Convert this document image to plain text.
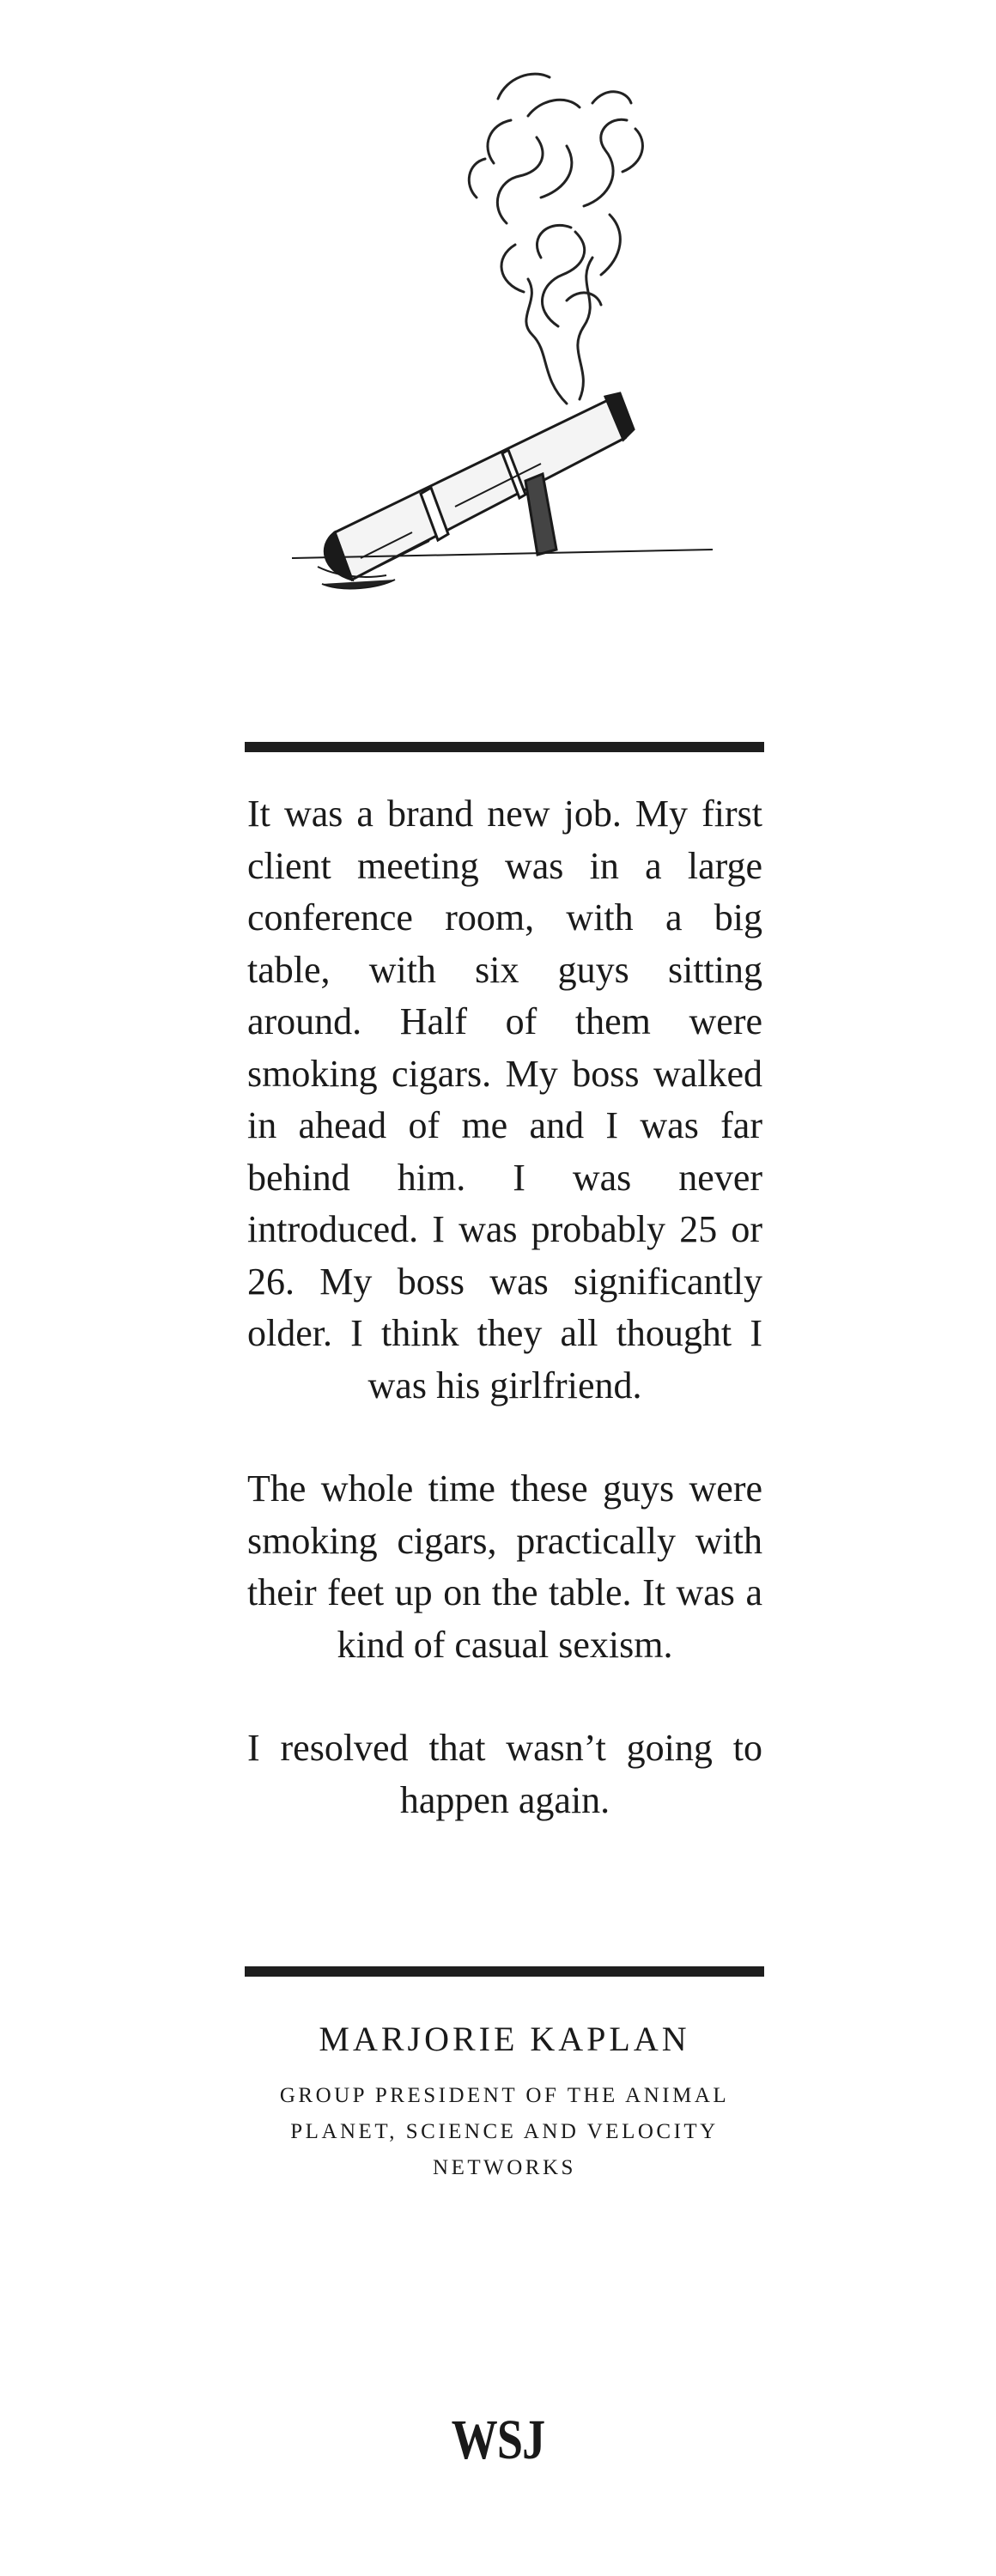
It was a brand new job. My first client meeting was in a large conference room, with a big table, with six guys sitting around. Half of them were smoking cigars. My boss walked in ahead of me and I was far behind him. I was never introduced. I was probably 25 or 26. My boss was significantly older. I think they all thought I was his girlfriend.

The whole time these guys were smoking cigars, practically with their feet up on the table. It was a kind of casual sexism.

I resolved that wasn’t going to happen again.

MARJORIE KAPLAN
GROUP PRESIDENT OF THE ANIMAL PLANET, SCIENCE AND VELOCITY NETWORKS
WSJ
